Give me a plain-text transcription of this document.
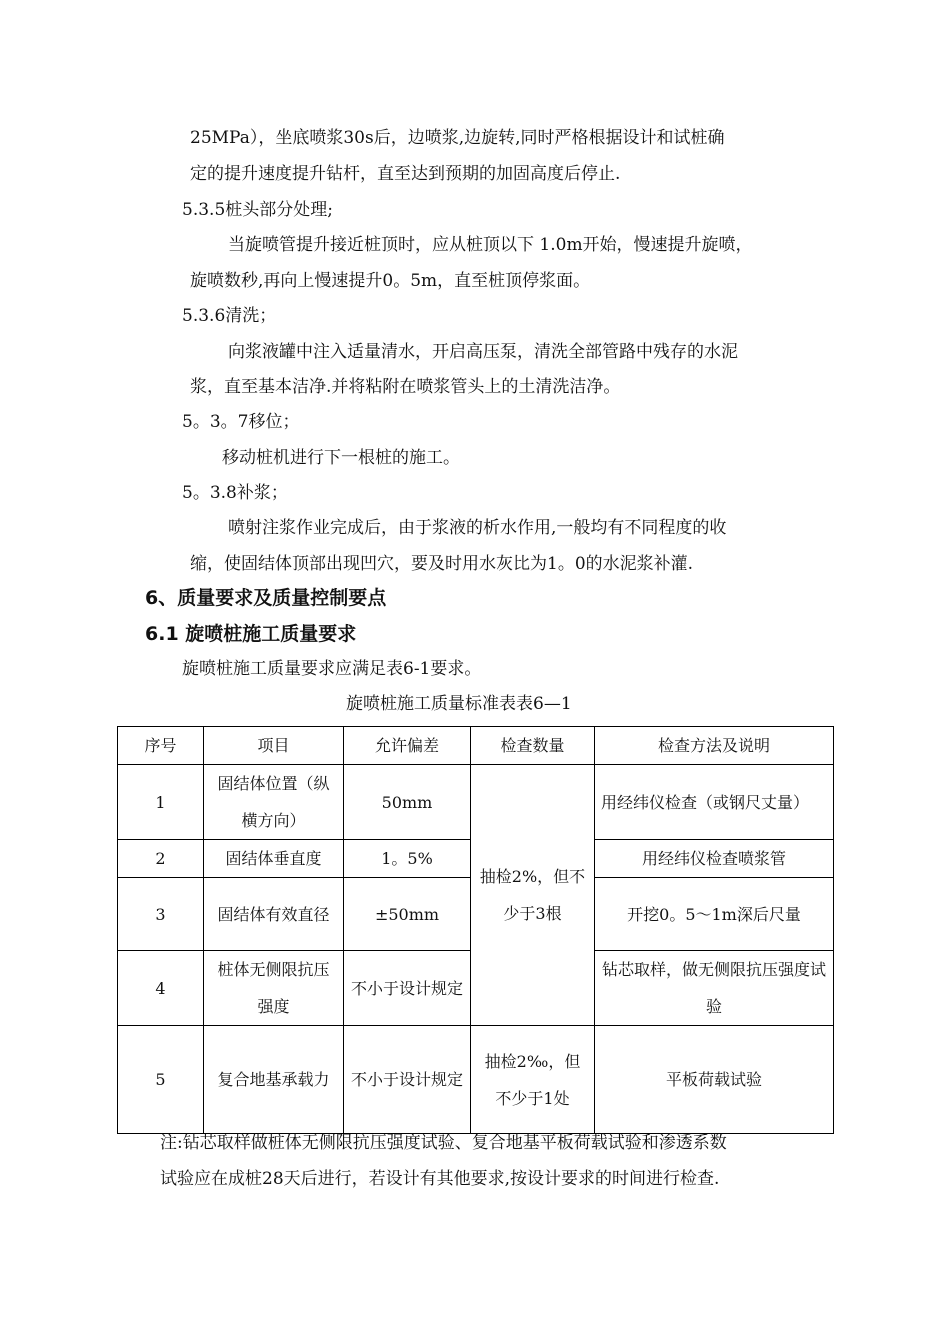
25MPa），坐底喷浆30s后，边喷浆,边旋转,同时严格根据设计和试桩确
定的提升速度提升钻杆，直至达到预期的加固高度后停止.
5.3.5桩头部分处理;
当旋喷管提升接近桩顶时，应从桩顶以下 1.0m开始，慢速提升旋喷，
旋喷数秒,再向上慢速提升0。5m，直至桩顶停浆面。
5.3.6清洗；
向浆液罐中注入适量清水，开启高压泵，清洗全部管路中残存的水泥
浆，直至基本洁净.并将粘附在喷浆管头上的土清洗洁净。
5。3。7移位；
移动桩机进行下一根桩的施工。
5。3.8补浆；
喷射注浆作业完成后，由于浆液的析水作用,一般均有不同程度的收
缩，使固结体顶部出现凹穴，要及时用水灰比为1。0的水泥浆补灌.
6、质量要求及质量控制要点
6.1 旋喷桩施工质量要求
旋喷桩施工质量要求应满足表6-1要求。
旋喷桩施工质量标准表表6—1
序号	项目	允许偏差	检查数量	检查方法及说明
1	固结体位置（纵横方向）	50mm	抽检2%，但不少于3根	用经纬仪检查（或钢尺丈量）
2	固结体垂直度	1。5%		用经纬仪检查喷浆管
3	固结体有效直径	±50mm		开挖0。5～1m深后尺量
4	桩体无侧限抗压强度	不小于设计规定		钻芯取样，做无侧限抗压强度试验
5	复合地基承载力	不小于设计规定	抽检2‰，但不少于1处	平板荷载试验
注:钻芯取样做桩体无侧限抗压强度试验、复合地基平板荷载试验和渗透系数
试验应在成桩28天后进行，若设计有其他要求,按设计要求的时间进行检查.
